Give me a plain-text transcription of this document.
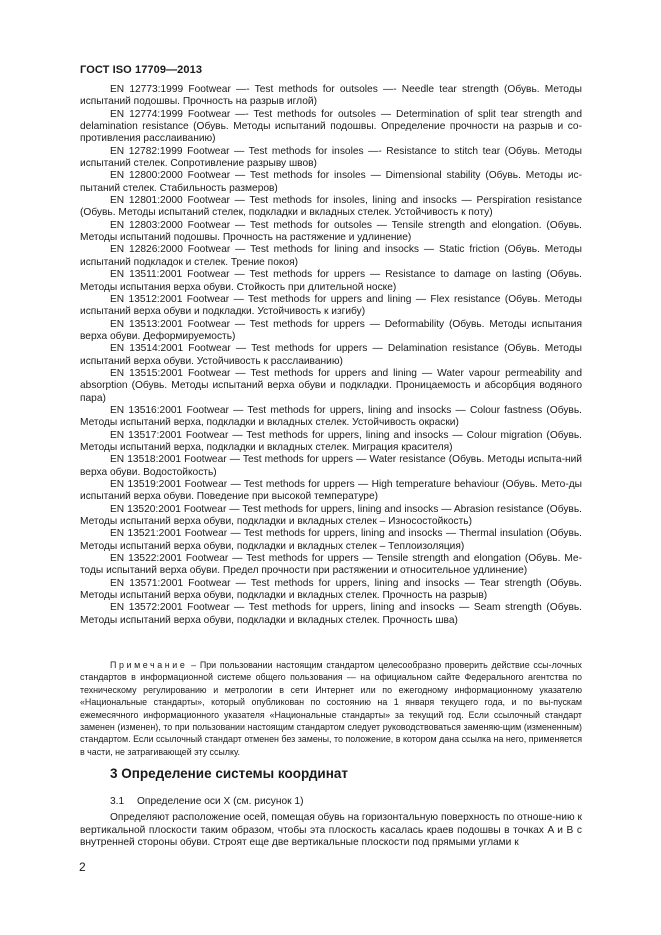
ГОСТ ISO 17709—2013

EN 12773:1999 Footwear —- Test methods for outsoles —- Needle tear strength (Обувь. Методы испытаний подошвы. Прочность на разрыв иглой)

EN 12774:1999 Footwear —- Test methods for outsoles — Determination of split tear strength and delamination resistance (Обувь. Методы испытаний подошвы. Определение прочности на разрыв и со-противления расслаиванию)

EN 12782:1999 Footwear — Test methods for insoles —- Resistance to stitch tear (Обувь. Методы испытаний стелек. Сопротивление разрыву швов)

EN 12800:2000 Footwear — Test methods for insoles — Dimensional stability (Обувь. Методы ис-пытаний стелек. Стабильность размеров)

EN 12801:2000 Footwear — Test methods for insoles, lining and insocks — Perspiration resistance (Обувь. Методы испытаний стелек, подкладки и вкладных стелек. Устойчивость к поту)

EN 12803:2000 Footwear — Test methods for outsoles — Tensile strength and elongation. (Обувь. Методы испытаний подошвы. Прочность на растяжение и удлинение)

EN 12826:2000 Footwear — Test methods for lining and insocks — Static friction (Обувь. Методы испытаний подкладок и стелек. Трение покоя)

EN 13511:2001 Footwear — Test methods for uppers — Resistance to damage on lasting (Обувь. Методы испытания верха обуви. Стойкость при длительной носке)

EN 13512:2001 Footwear — Test methods for uppers and lining — Flex resistance (Обувь. Методы испытаний верха обуви и подкладки. Устойчивость к изгибу)

EN 13513:2001 Footwear — Test methods for uppers — Deformability (Обувь. Методы испытания верха обуви. Деформируемость)

EN 13514:2001 Footwear — Test methods for uppers — Delamination resistance (Обувь. Методы испытаний верха обуви. Устойчивость к расслаиванию)

EN 13515:2001 Footwear — Test methods for uppers and lining — Water vapour permeability and absorption (Обувь. Методы испытаний верха обуви и подкладки. Проницаемость и абсорбция водяного пара)

EN 13516:2001 Footwear — Test methods for uppers, lining and insocks — Colour fastness (Обувь. Методы испытаний верха, подкладки и вкладных стелек. Устойчивость окраски)

EN 13517:2001 Footwear — Test methods for uppers, lining and insocks — Colour migration (Обувь. Методы испытаний верха, подкладки и вкладных стелек. Миграция красителя)

EN 13518:2001 Footwear — Test methods for uppers — Water resistance (Обувь. Методы испыта-ний верха обуви. Водостойкость)

EN 13519:2001 Footwear — Test methods for uppers — High temperature behaviour (Обувь. Мето-ды испытаний верха обуви. Поведение при высокой температуре)

EN 13520:2001 Footwear — Test methods for uppers, lining and insocks — Abrasion resistance (Обувь. Методы испытаний верха обуви, подкладки и вкладных стелек – Износостойкость)

EN 13521:2001 Footwear — Test methods for uppers, lining and insocks — Thermal insulation (Обувь. Методы испытаний верха обуви, подкладки и вкладных стелек – Теплоизоляция)

EN 13522:2001 Footwear — Test methods for uppers — Tensile strength and elongation (Обувь. Ме-тоды испытаний верха обуви. Предел прочности при растяжении и относительное удлинение)

EN 13571:2001 Footwear — Test methods for uppers, lining and insocks — Tear strength (Обувь. Методы испытаний верха обуви, подкладки и вкладных стелек. Прочность на разрыв)

EN 13572:2001 Footwear — Test methods for uppers, lining and insocks — Seam strength (Обувь. Методы испытаний верха обуви, подкладки и вкладных стелек. Прочность шва)

Примечание – При пользовании настоящим стандартом целесообразно проверить действие ссы-лочных стандартов в информационной системе общего пользования — на официальном сайте Федерального агентства по техническому регулированию и метрологии в сети Интернет или по ежегодному информационному указателю «Национальные стандарты», который опубликован по состоянию на 1 января текущего года, и по вы-пускам ежемесячного информационного указателя «Национальные стандарты» за текущий год. Если ссылочный стандарт заменен (изменен), то при пользовании настоящим стандартом следует руководствоваться заменяю-щим (измененным) стандартом. Если ссылочный стандарт отменен без замены, то положение, в котором дана ссылка на него, применяется в части, не затрагивающей эту ссылку.

3 Определение системы координат
3.1 Определение оси X (см. рисунок 1)

Определяют расположение осей, помещая обувь на горизонтальную поверхность по отноше-нию к вертикальной плоскости таким образом, чтобы эта плоскость касалась краев подошвы в точках A и B с внутренней стороны обуви. Строят еще две вертикальные плоскости под прямыми углами к

2
